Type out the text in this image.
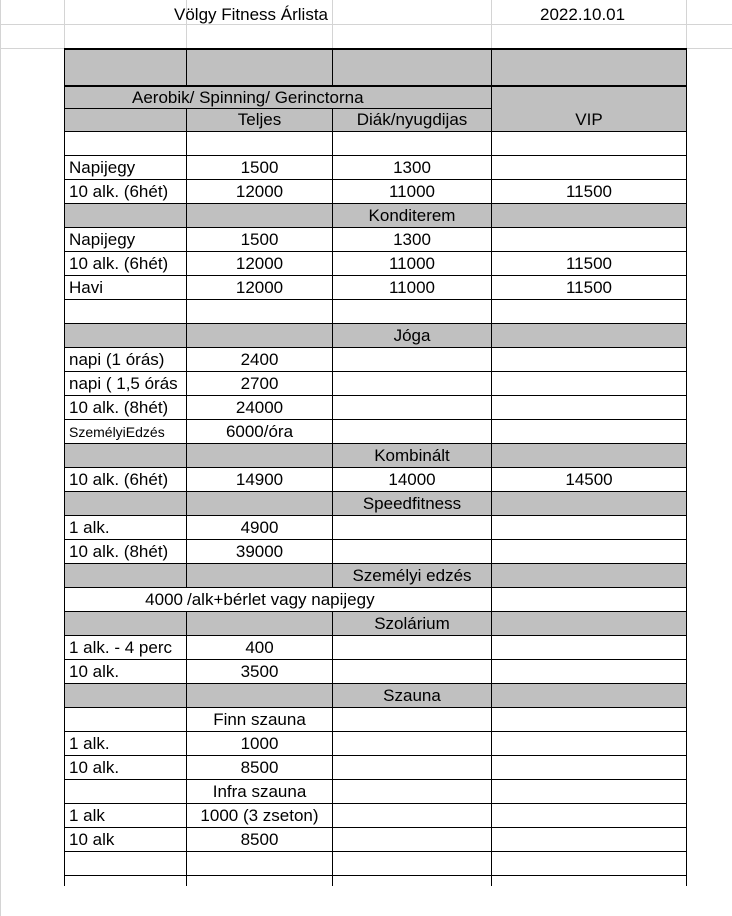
Völgy Fitness Árlista	2022.10.01
Aerobik/ Spinning/ Gerinctorna
Teljes	Diák/nyugdijas	VIP
Napijegy	1500	1300
10 alk. (6hét)	12000	11000	11500
Konditerem
Napijegy	1500	1300
10 alk. (6hét)	12000	11000	11500
Havi	12000	11000	11500
Jóga
napi (1 órás)	2400
napi ( 1,5 órás	2700
10 alk. (8hét)	24000
SzemélyiEdzés	6000/óra
Kombinált
10 alk. (6hét)	14900	14000	14500
Speedfitness
1 alk.	4900
10 alk. (8hét)	39000
Személyi edzés
4000 /alk+bérlet vagy napijegy
Szolárium
1 alk. - 4 perc	400
10 alk.	3500
Szauna
Finn szauna
1 alk.	1000
10 alk.	8500
Infra szauna
1 alk	1000 (3 zseton)
10 alk	8500
